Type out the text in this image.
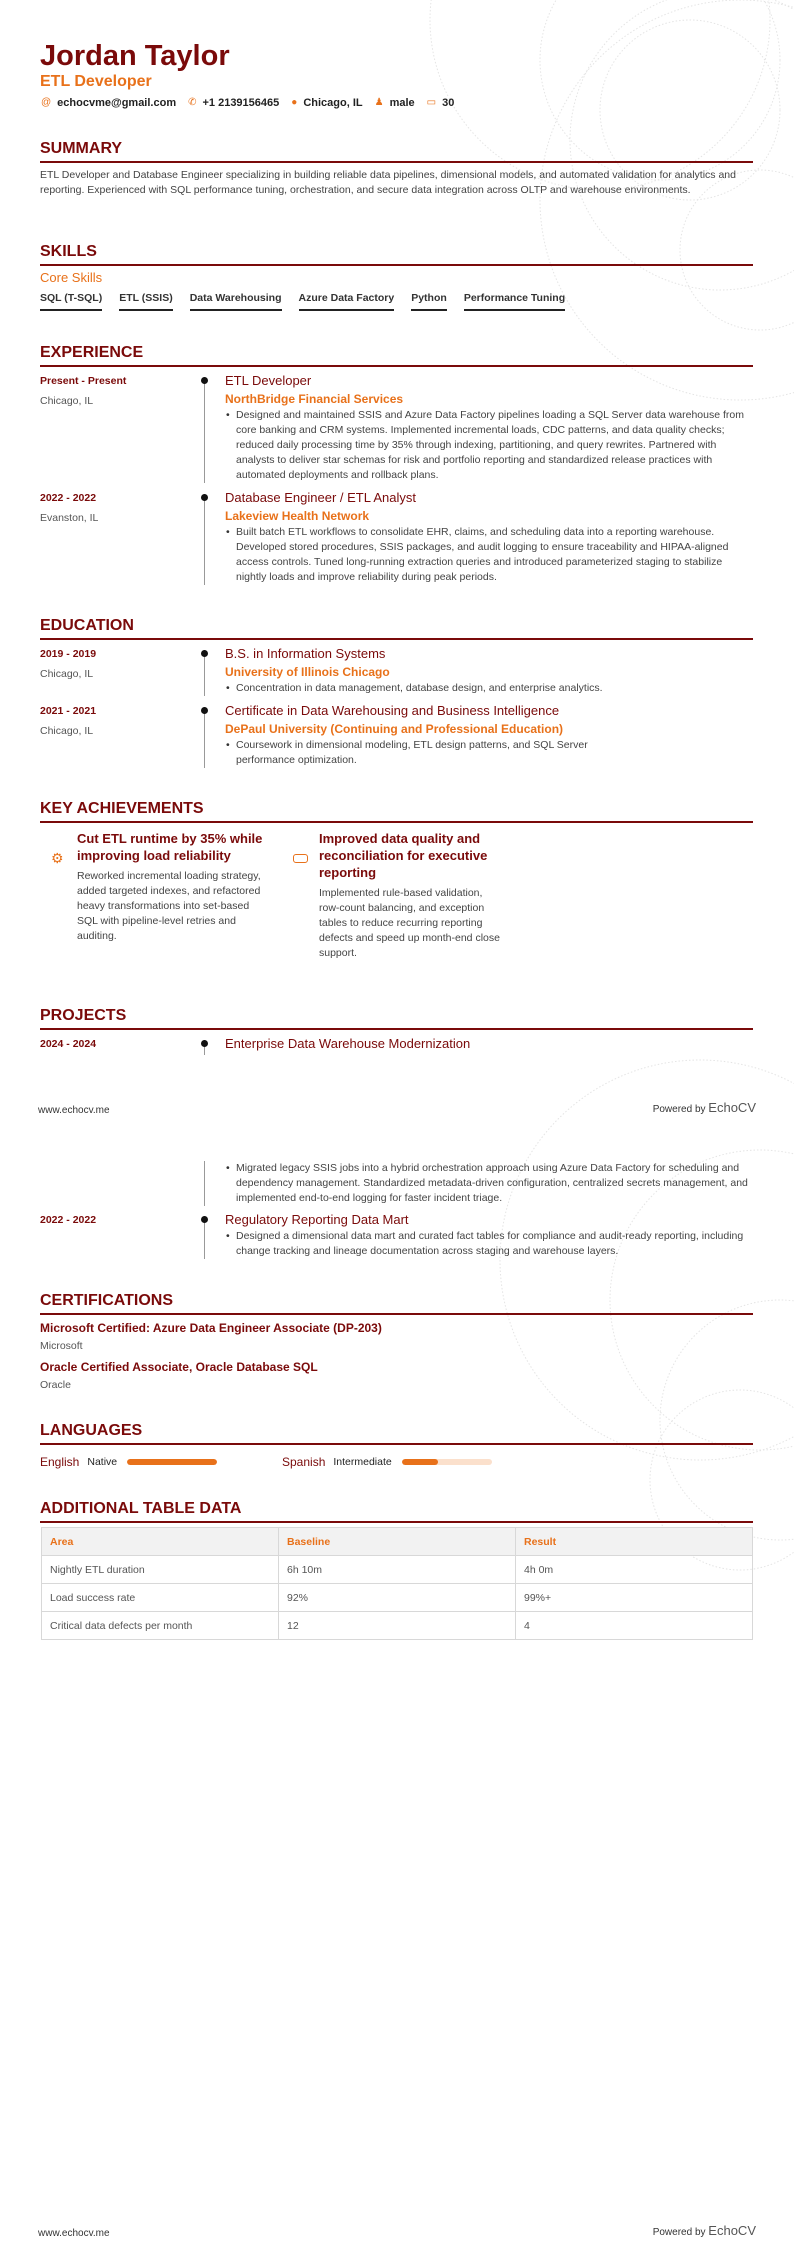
Jordan Taylor
ETL Developer
@ echocvme@gmail.com ✆ +1 2139156465 ● Chicago, IL ♟ male ▭ 30
SUMMARY

ETL Developer and Database Engineer specializing in building reliable data pipelines, dimensional models, and automated validation for analytics and reporting. Experienced with SQL performance tuning, orchestration, and secure data integration across OLTP and warehouse environments.

SKILLS
Core Skills
SQL (T-SQL) ETL (SSIS) Data Warehousing Azure Data Factory Python Performance Tuning
EXPERIENCE
Present - Present
Chicago, IL
ETL Developer
NorthBridge Financial Services
• Designed and maintained SSIS and Azure Data Factory pipelines loading a SQL Server data warehouse from core banking and CRM systems. Implemented incremental loads, CDC patterns, and data quality checks; reduced daily processing time by 35% through indexing, partitioning, and query rewrites. Partnered with analysts to deliver star schemas for risk and portfolio reporting and standardized release practices with automated deployments and rollback plans.
2022 - 2022
Evanston, IL
Database Engineer / ETL Analyst
Lakeview Health Network
• Built batch ETL workflows to consolidate EHR, claims, and scheduling data into a reporting warehouse. Developed stored procedures, SSIS packages, and audit logging to ensure traceability and HIPAA-aligned access controls. Tuned long-running extraction queries and introduced parameterized staging to stabilize nightly loads and improve reliability during peak periods.
EDUCATION
2019 - 2019
Chicago, IL
B.S. in Information Systems
University of Illinois Chicago
• Concentration in data management, database design, and enterprise analytics.
2021 - 2021
Chicago, IL
Certificate in Data Warehousing and Business Intelligence
DePaul University (Continuing and Professional Education)
• Coursework in dimensional modeling, ETL design patterns, and SQL Server performance optimization.
KEY ACHIEVEMENTS
⚙
Cut ETL runtime by 35% while improving load reliability
Reworked incremental loading strategy, added targeted indexes, and refactored heavy transformations into set-based SQL with pipeline-level retries and auditing.
Improved data quality and reconciliation for executive reporting
Implemented rule-based validation, row-count balancing, and exception tables to reduce recurring reporting defects and speed up month-end close support.
PROJECTS
2024 - 2024	Enterprise Data Warehouse Modernization
www.echocv.me	Powered by EchoCV
• Migrated legacy SSIS jobs into a hybrid orchestration approach using Azure Data Factory for scheduling and dependency management. Standardized metadata-driven configuration, centralized secrets management, and implemented end-to-end logging for faster incident triage.
2022 - 2022	Regulatory Reporting Data Mart
• Designed a dimensional data mart and curated fact tables for compliance and audit-ready reporting, including change tracking and lineage documentation across staging and warehouse layers.
CERTIFICATIONS
Microsoft Certified: Azure Data Engineer Associate (DP-203)
Microsoft
Oracle Certified Associate, Oracle Database SQL
Oracle
LANGUAGES
English Native	Spanish Intermediate
ADDITIONAL TABLE DATA
Area	Baseline	Result
Nightly ETL duration	6h 10m	4h 0m
Load success rate	92%	99%+
Critical data defects per month	12	4
www.echocv.me	Powered by EchoCV
